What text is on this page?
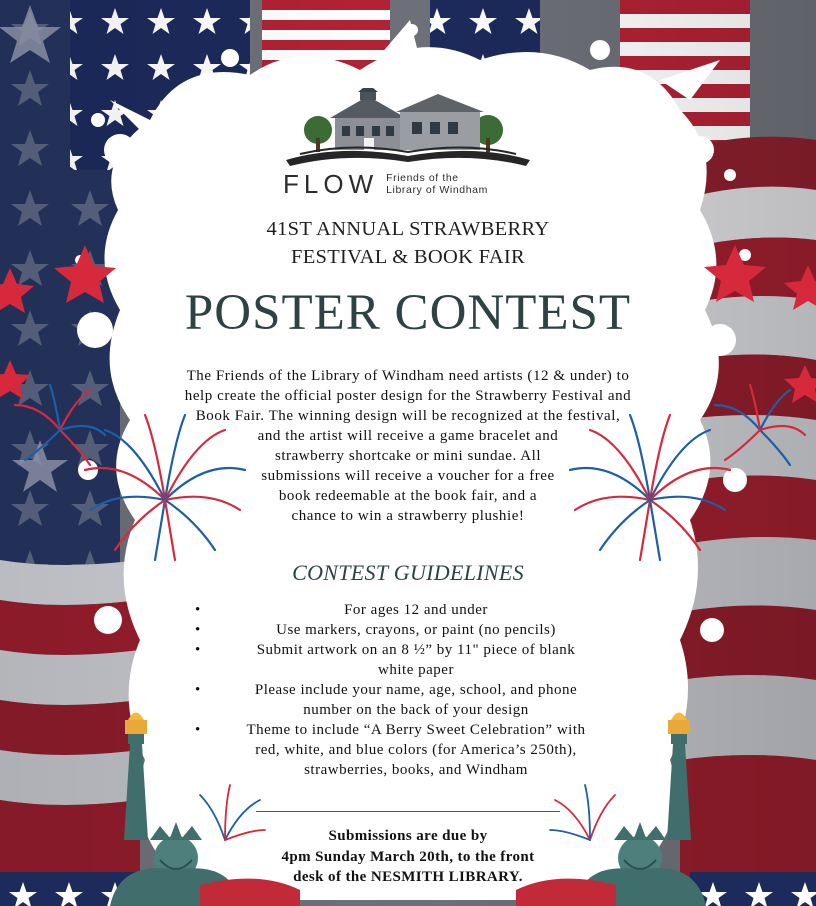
FLOW Friends of the
Library of Windham
41ST ANNUAL STRAWBERRY
FESTIVAL & BOOK FAIR
POSTER CONTEST
The Friends of the Library of Windham need artists (12 & under) to
help create the official poster design for the Strawberry Festival and
Book Fair. The winning design will be recognized at the festival,
and the artist will receive a game bracelet and
strawberry shortcake or mini sundae. All
submissions will receive a voucher for a free
book redeemable at the book fair, and a
chance to win a strawberry plushie!
CONTEST GUIDELINES
•	For ages 12 and under
•	Use markers, crayons, or paint (no pencils)
•	Submit artwork on an 8 ½” by 11" piece of blank
white paper
•	Please include your name, age, school, and phone
number on the back of your design
•	Theme to include “A Berry Sweet Celebration” with
red, white, and blue colors (for America’s 250th),
strawberries, books, and Windham
Submissions are due by
4pm Sunday March 20th, to the front
desk of the NESMITH LIBRARY.
